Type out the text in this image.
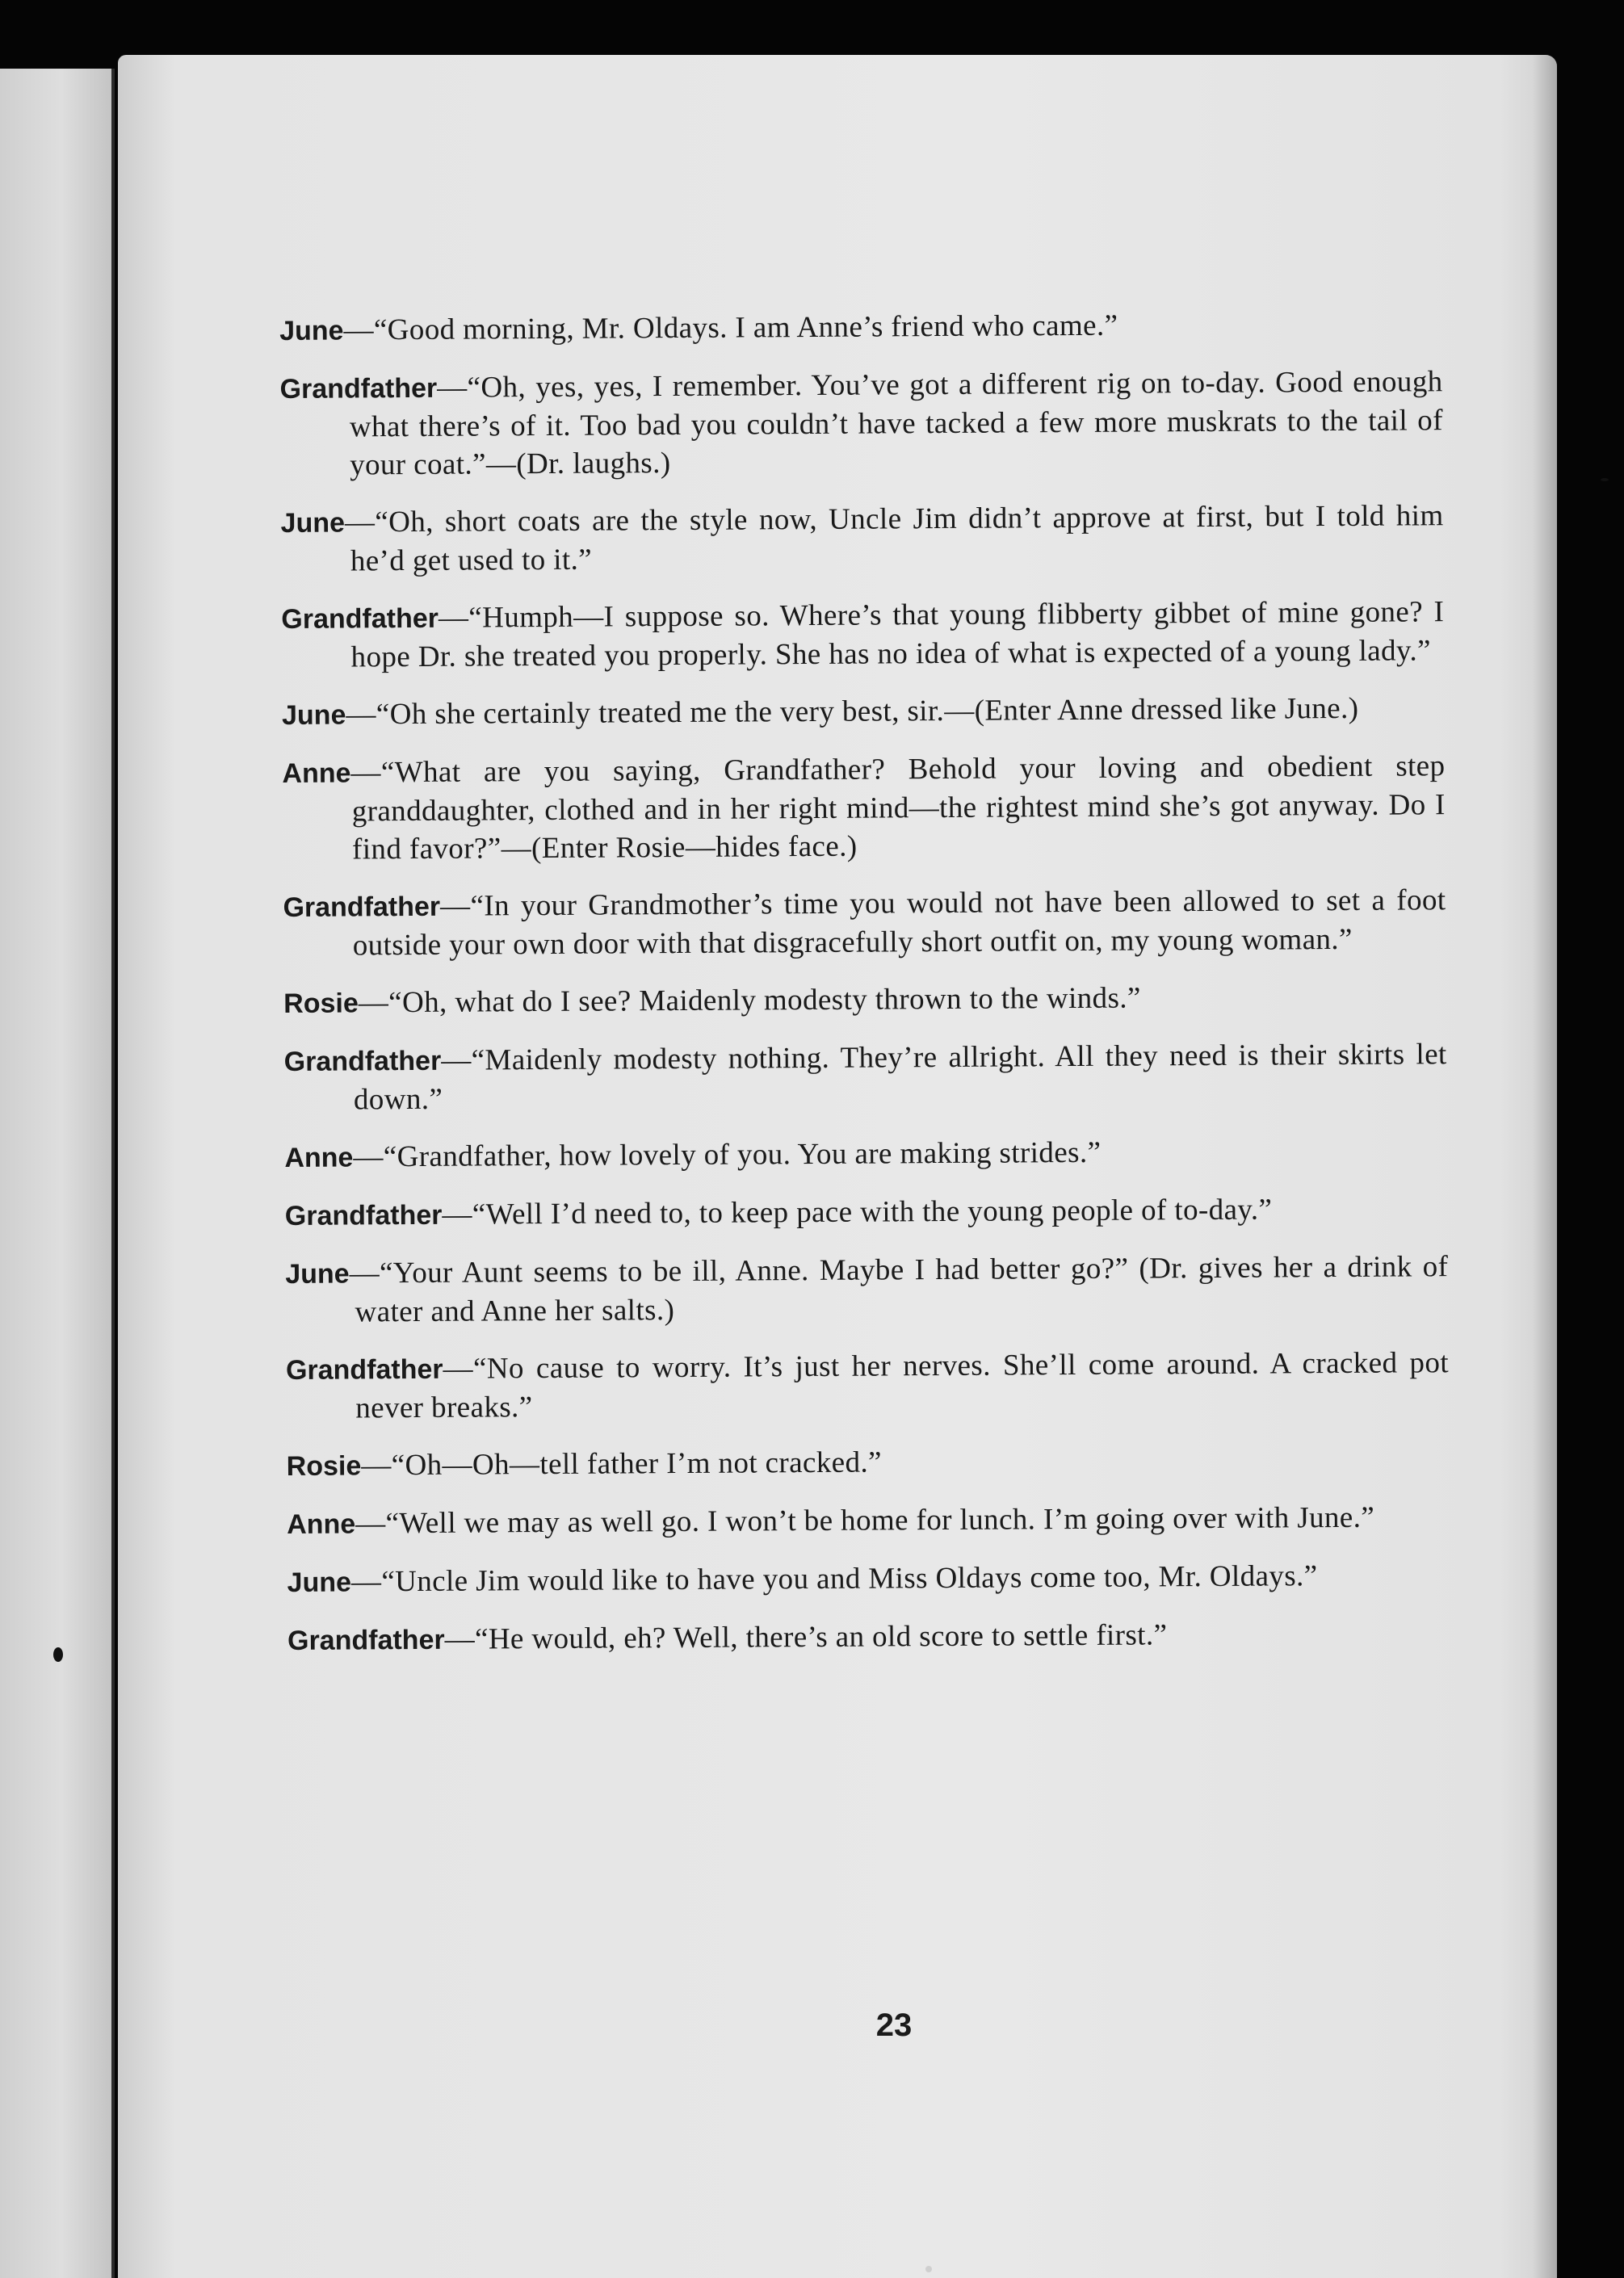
June—“Good morning, Mr. Oldays. I am Anne’s friend who came.”

Grandfather—“Oh, yes, yes, I remember. You’ve got a different rig on to-day. Good enough what there’s of it. Too bad you couldn’t have tacked a few more muskrats to the tail of your coat.”—(Dr. laughs.)

June—“Oh, short coats are the style now, Uncle Jim didn’t approve at first, but I told him he’d get used to it.”

Grandfather—“Humph—I suppose so. Where’s that young flibberty gibbet of mine gone? I hope Dr. she treated you properly. She has no idea of what is expected of a young lady.”

June—“Oh she certainly treated me the very best, sir.—(Enter Anne dressed like June.)

Anne—“What are you saying, Grandfather? Behold your loving and obedient step granddaughter, clothed and in her right mind—the rightest mind she’s got anyway. Do I find favor?”—(Enter Rosie—hides face.)

Grandfather—“In your Grandmother’s time you would not have been allowed to set a foot outside your own door with that disgracefully short outfit on, my young woman.”

Rosie—“Oh, what do I see? Maidenly modesty thrown to the winds.”

Grandfather—“Maidenly modesty nothing. They’re allright. All they need is their skirts let down.”

Anne—“Grandfather, how lovely of you. You are making strides.”

Grandfather—“Well I’d need to, to keep pace with the young people of to-day.”

June—“Your Aunt seems to be ill, Anne. Maybe I had better go?” (Dr. gives her a drink of water and Anne her salts.)

Grandfather—“No cause to worry. It’s just her nerves. She’ll come around. A cracked pot never breaks.”

Rosie—“Oh—Oh—tell father I’m not cracked.”

Anne—“Well we may as well go. I won’t be home for lunch. I’m going over with June.”

June—“Uncle Jim would like to have you and Miss Oldays come too, Mr. Oldays.”

Grandfather—“He would, eh? Well, there’s an old score to settle first.”

23
